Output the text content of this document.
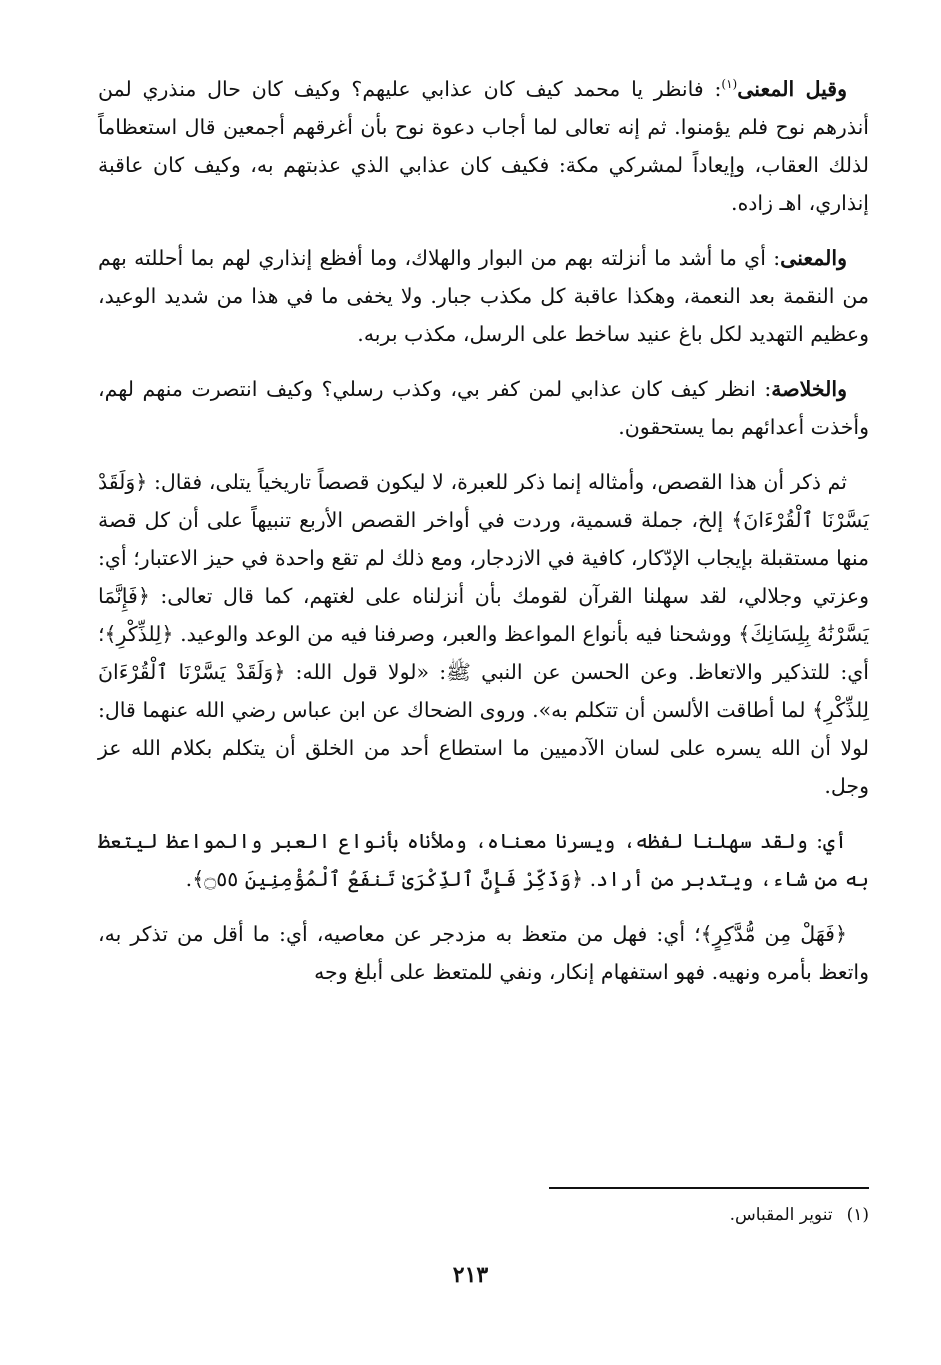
وقيل المعنى$^{(١)}$: فانظر يا محمد كيف كان عذابي عليهم؟ وكيف كان حال منذري لمن أنذرهم نوح فلم يؤمنوا. ثم إنه تعالى لما أجاب دعوة نوح بأن أغرقهم أجمعين قال استعظاماً لذلك العقاب، وإيعاداً لمشركي مكة: فكيف كان عذابي الذي عذبتهم به، وكيف كان عاقبة إنذاري، اهـ زاده.

والمعنى: أي ما أشد ما أنزلته بهم من البوار والهلاك، وما أفظع إنذاري لهم بما أحللته بهم من النقمة بعد النعمة، وهكذا عاقبة كل مكذب جبار. ولا يخفى ما في هذا من شديد الوعيد، وعظيم التهديد لكل باغ عنيد ساخط على الرسل، مكذب بربه.

والخلاصة: انظر كيف كان عذابي لمن كفر بي، وكذب رسلي؟ وكيف انتصرت منهم لهم، وأخذت أعدائهم بما يستحقون.

ثم ذكر أن هذا القصص، وأمثاله إنما ذكر للعبرة، لا ليكون قصصاً تاريخياً يتلى، فقال: ﴿وَلَقَدْ يَسَّرْنَا ٱلْقُرْءَانَ﴾ إلخ، جملة قسمية، وردت في أواخر القصص الأربع تنبيهاً على أن كل قصة منها مستقبلة بإيجاب الإدّكار، كافية في الازدجار، ومع ذلك لم تقع واحدة في حيز الاعتبار؛ أي: وعزتي وجلالي، لقد سهلنا القرآن لقومك بأن أنزلناه على لغتهم، كما قال تعالى: ﴿فَإِنَّمَا يَسَّرْنَٰهُ بِلِسَانِكَ﴾ ووشحنا فيه بأنواع المواعظ والعبر، وصرفنا فيه من الوعد والوعيد. ﴿لِلذِّكْرِ﴾؛ أي: للتذكير والاتعاظ. وعن الحسن عن النبي ﷺ: «لولا قول الله: ﴿وَلَقَدْ يَسَّرْنَا ٱلْقُرْءَانَ لِلذِّكْرِ﴾ لما أطاقت الألسن أن تتكلم به». وروى الضحاك عن ابن عباس رضي الله عنهما قال: لولا أن الله يسره على لسان الآدميين ما استطاع أحد من الخلق أن يتكلم بكلام الله عز وجل.

أي: ولقد سهلنا لفظه، ويسرنا معناه، وملأناه بأنواع العبر والمواعظ ليتعظ به من شاء، ويتدبر من أراد. ﴿وَذَكِّرْ فَإِنَّ ٱلذِّكْرَىٰ تَنفَعُ ٱلْمُؤْمِنِينَ ۝٥٥﴾.

﴿فَهَلْ مِن مُّدَّكِرٍ﴾؛ أي: فهل من متعظ به مزدجر عن معاصيه، أي: ما أقل من تذكر به، واتعظ بأمره ونهيه. فهو استفهام إنكار، ونفي للمتعظ على أبلغ وجه

(١)تنوير المقباس.
٢١٣
